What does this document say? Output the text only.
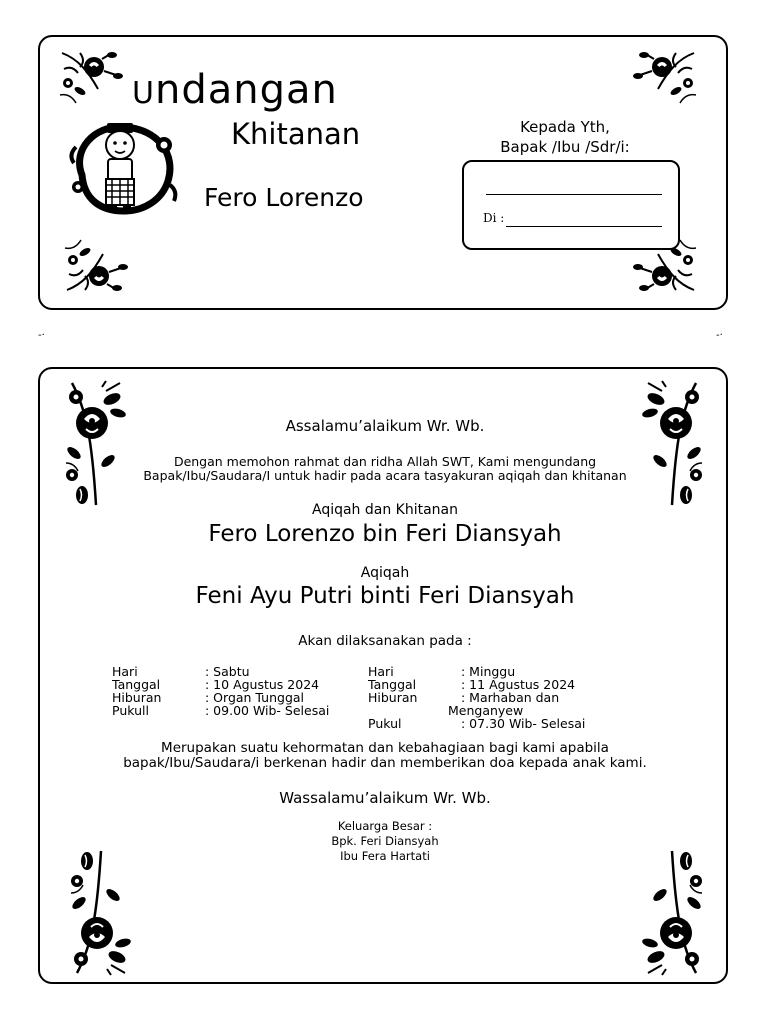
Undangan
Khitanan
Fero Lorenzo
Kepada Yth,
Bapak /Ibu /Sdr/i:
Di :
-·	-·
Assalamu’alaikum Wr. Wb.
Dengan memohon rahmat dan ridha Allah SWT, Kami mengundang
Bapak/Ibu/Saudara/I untuk hadir pada acara tasyakuran aqiqah dan khitanan
Aqiqah dan Khitanan
Fero Lorenzo bin Feri Diansyah
Aqiqah
Feni Ayu Putri binti Feri Diansyah
Akan dilaksanakan pada :
Hari	: Sabtu
Tanggal	: 10 Agustus 2024
Hiburan	: Organ Tunggal
Pukull	: 09.00 Wib- Selesai
Hari	: Minggu
Tanggal	: 11 Agustus 2024
Hiburan	: Marhaban dan
Menganyew
Pukul	: 07.30 Wib- Selesai
Merupakan suatu kehormatan dan kebahagiaan bagi kami apabila
bapak/Ibu/Saudara/i berkenan hadir dan memberikan doa kepada anak kami.
Wassalamu’alaikum Wr. Wb.
Keluarga Besar :
Bpk. Feri Diansyah
Ibu Fera Hartati
